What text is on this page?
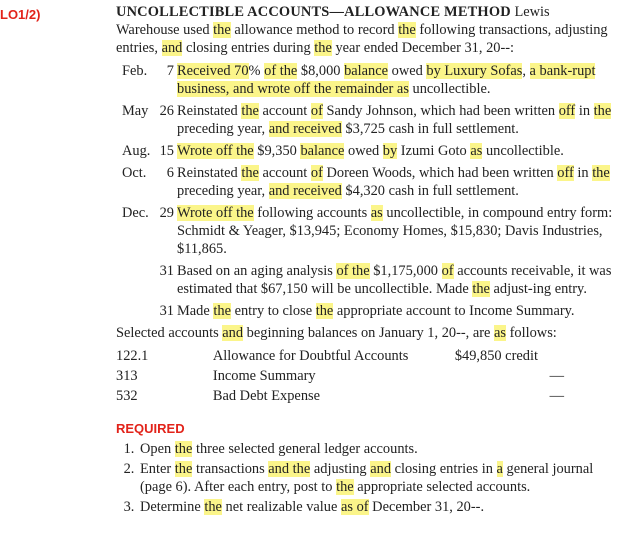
LO1/2)	UNCOLLECTIBLE ACCOUNTS—ALLOWANCE METHOD Lewis Warehouse used the allowance method to record the following transactions, adjusting entries, and closing entries during the year ended December 31, 20--:

Feb. 7 Received 70% of the $8,000 balance owed by Luxury Sofas, a bank-rupt business, and wrote off the remainder as uncollectible.
May 26 Reinstated the account of Sandy Johnson, which had been written off in the preceding year, and received $3,725 cash in full settlement.
Aug. 15 Wrote off the $9,350 balance owed by Izumi Goto as uncollectible.
Oct. 6 Reinstated the account of Doreen Woods, which had been written off in the preceding year, and received $4,320 cash in full settlement.
Dec. 29 Wrote off the following accounts as uncollectible, in compound entry form: Schmidt & Yeager, $13,945; Economy Homes, $15,830; Davis Industries, $11,865.
31 Based on an aging analysis of the $1,175,000 of accounts receivable, it was estimated that $67,150 will be uncollectible. Made the adjust-ing entry.
31 Made the entry to close the appropriate account to Income Summary.

Selected accounts and beginning balances on January 1, 20--, are as follows:

122.1	Allowance for Doubtful Accounts	$49,850 credit
313	Income Summary	—
532	Bad Debt Expense	—
REQUIRED
1. Open the three selected general ledger accounts.
2. Enter the transactions and the adjusting and closing entries in a general journal (page 6). After each entry, post to the appropriate selected accounts.
3. Determine the net realizable value as of December 31, 20--.
